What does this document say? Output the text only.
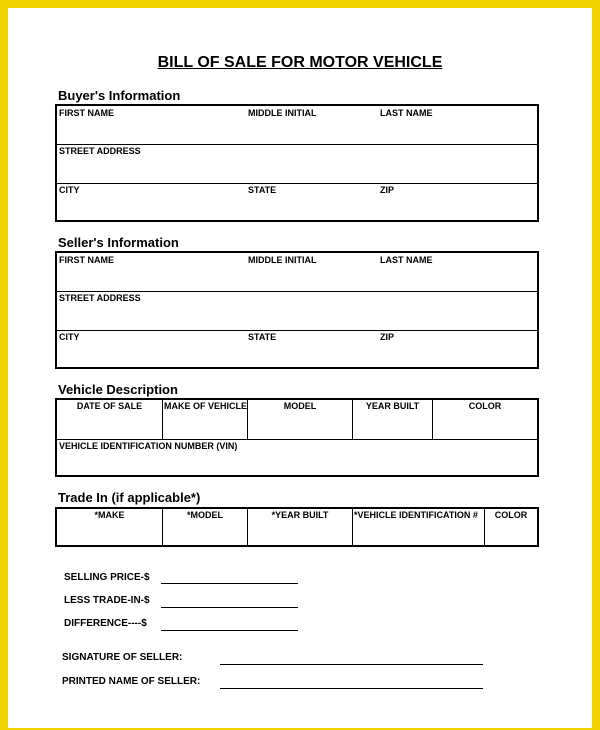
BILL OF SALE FOR MOTOR VEHICLE
Buyer's Information
FIRST NAME	MIDDLE INITIAL	LAST NAME
STREET ADDRESS
CITY	STATE	ZIP
Seller's Information
FIRST NAME	MIDDLE INITIAL	LAST NAME
STREET ADDRESS
CITY	STATE	ZIP
Vehicle Description
DATE OF SALE	MAKE OF VEHICLE	MODEL	YEAR BUILT	COLOR
VEHICLE IDENTIFICATION NUMBER (VIN)
Trade In (if applicable*)
*MAKE	*MODEL	*YEAR BUILT	*VEHICLE IDENTIFICATION #	COLOR
SELLING PRICE-$
LESS TRADE-IN-$
DIFFERENCE----$
SIGNATURE OF SELLER:
PRINTED NAME OF SELLER:
